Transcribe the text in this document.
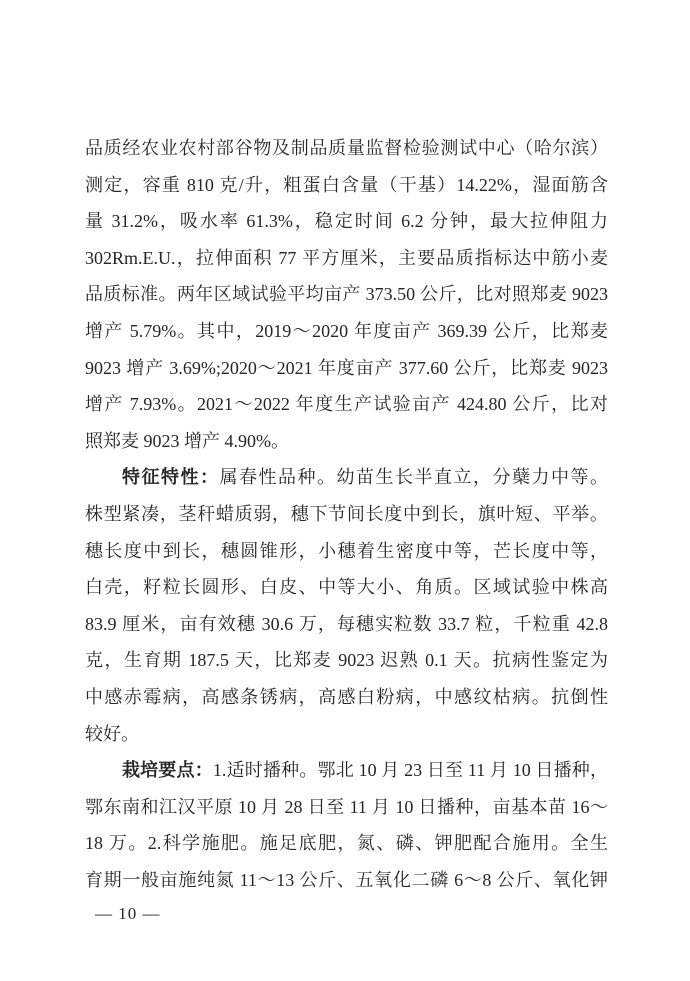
品质经农业农村部谷物及制品质量监督检验测试中心（哈尔滨）
测定，容重 810 克/升，粗蛋白含量（干基）14.22%，湿面筋含
量 31.2%，吸水率 61.3%，稳定时间 6.2 分钟，最大拉伸阻力
302Rm.E.U.，拉伸面积 77 平方厘米，主要品质指标达中筋小麦
品质标准。两年区域试验平均亩产 373.50 公斤，比对照郑麦 9023
增产 5.79%。其中，2019～2020 年度亩产 369.39 公斤，比郑麦
9023 增产 3.69%;2020～2021 年度亩产 377.60 公斤，比郑麦 9023
增产 7.93%。2021～2022 年度生产试验亩产 424.80 公斤，比对
照郑麦 9023 增产 4.90%。
特征特性：属春性品种。幼苗生长半直立，分蘖力中等。
株型紧凑，茎秆蜡质弱，穗下节间长度中到长，旗叶短、平举。
穗长度中到长，穗圆锥形，小穗着生密度中等，芒长度中等，
白壳，籽粒长圆形、白皮、中等大小、角质。区域试验中株高
83.9 厘米，亩有效穗 30.6 万，每穗实粒数 33.7 粒，千粒重 42.8
克，生育期 187.5 天，比郑麦 9023 迟熟 0.1 天。抗病性鉴定为
中感赤霉病，高感条锈病，高感白粉病，中感纹枯病。抗倒性
较好。
栽培要点：1.适时播种。鄂北 10 月 23 日至 11 月 10 日播种，
鄂东南和江汉平原 10 月 28 日至 11 月 10 日播种，亩基本苗 16～
18 万。2.科学施肥。施足底肥，氮、磷、钾肥配合施用。全生
育期一般亩施纯氮 11～13 公斤、五氧化二磷 6～8 公斤、氧化钾
— 10 —
